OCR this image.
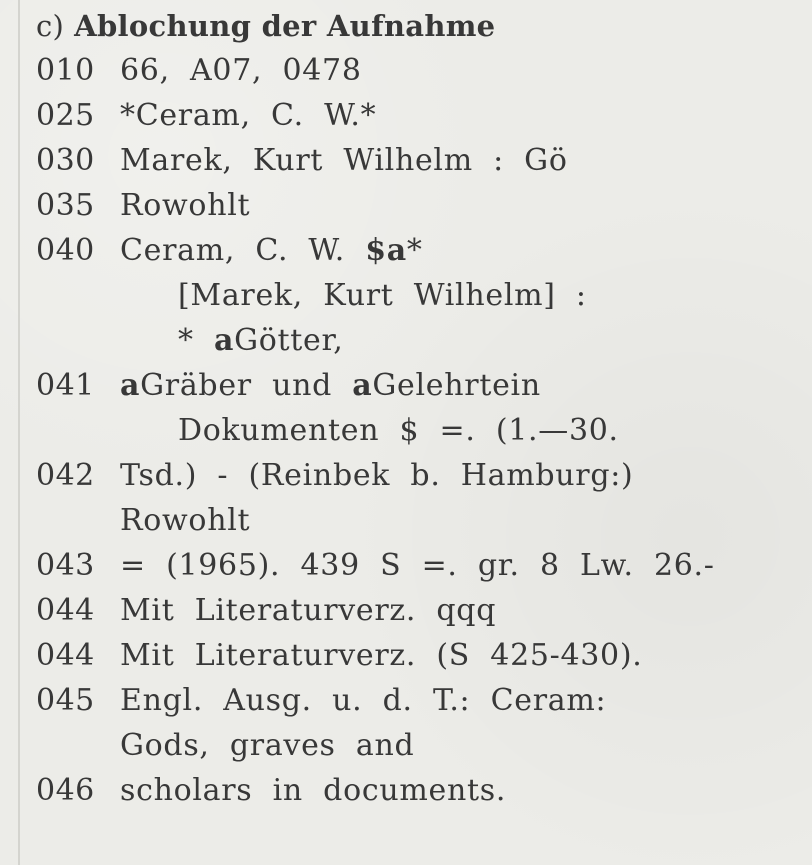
c) Ablochung der Aufnahme
010 66, A07, 0478
025 *Ceram, C. W.*
030 Marek, Kurt Wilhelm : Gö
035 Rowohlt
040 Ceram, C. W. $a*
[Marek, Kurt Wilhelm] :
* aGötter,
041 aGräber und aGelehrtein
Dokumenten $ =. (1.—30.
042 Tsd.) - (Reinbek b. Hamburg:)
Rowohlt
043 = (1965). 439 S =. gr. 8 Lw. 26.-
044 Mit Literaturverz. qqq
044 Mit Literaturverz. (S 425-430).
045 Engl. Ausg. u. d. T.: Ceram:
Gods, graves and
046 scholars in documents.
